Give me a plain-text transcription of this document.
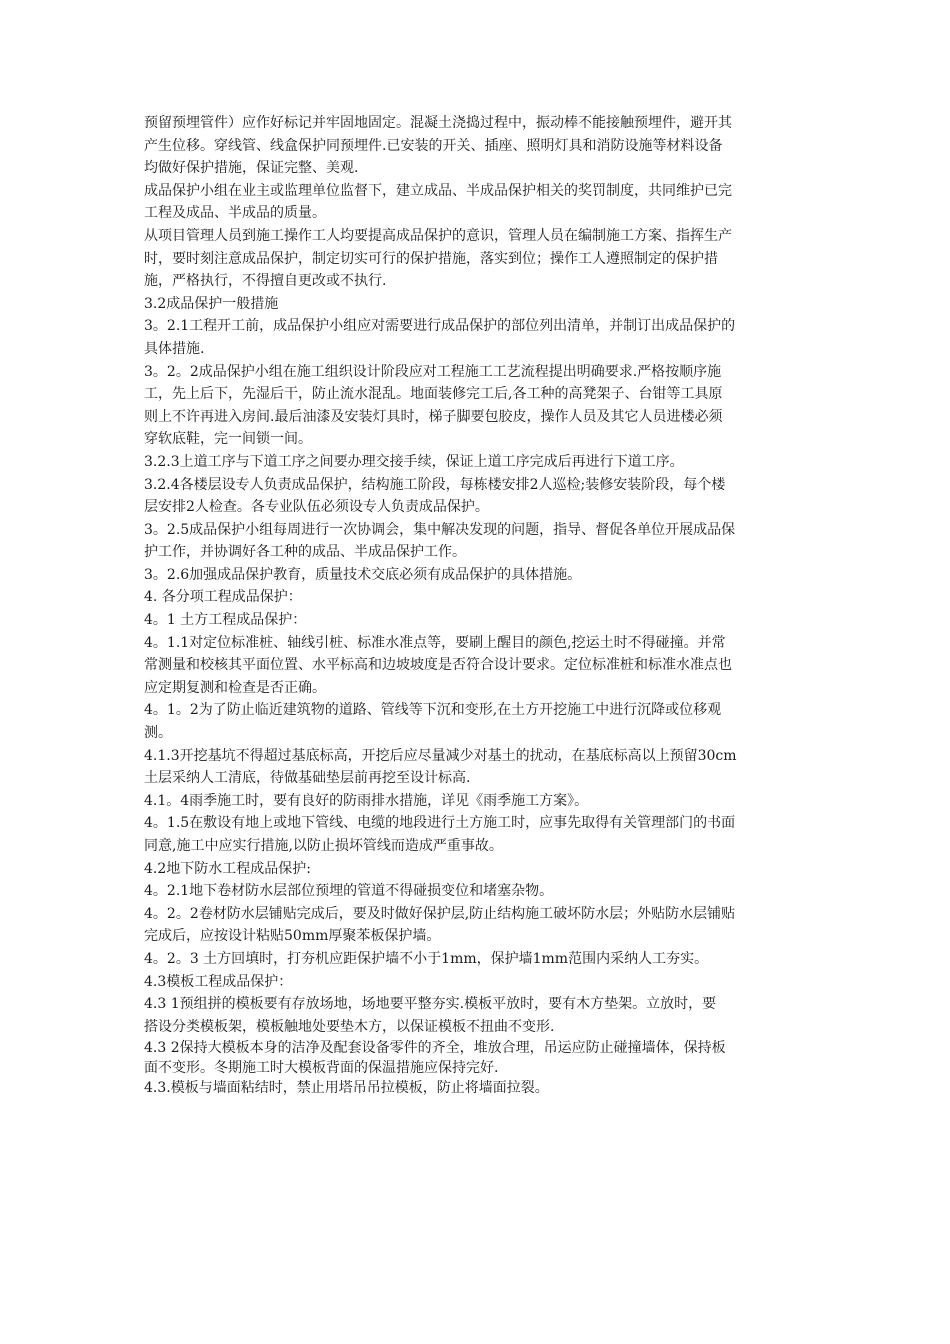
预留预埋管件）应作好标记并牢固地固定。混凝土浇捣过程中，振动棒不能接触预埋件，避开其
产生位移。穿线管、线盒保护同预埋件.已安装的开关、插座、照明灯具和消防设施等材料设备
均做好保护措施，保证完整、美观.
成品保护小组在业主或监理单位监督下，建立成品、半成品保护相关的奖罚制度，共同维护已完
工程及成品、半成品的质量。
从项目管理人员到施工操作工人均要提高成品保护的意识，管理人员在编制施工方案、指挥生产
时，要时刻注意成品保护，制定切实可行的保护措施，落实到位；操作工人遵照制定的保护措
施，严格执行，不得擅自更改或不执行.
3.2成品保护一般措施
3。2.1工程开工前，成品保护小组应对需要进行成品保护的部位列出清单，并制订出成品保护的
具体措施.
3。2。2成品保护小组在施工组织设计阶段应对工程施工工艺流程提出明确要求.严格按顺序施
工，先上后下，先湿后干，防止流水混乱。地面装修完工后,各工种的高凳架子、台钳等工具原
则上不许再进入房间.最后油漆及安装灯具时，梯子脚要包胶皮，操作人员及其它人员进楼必须
穿软底鞋，完一间锁一间。
3.2.3上道工序与下道工序之间要办理交接手续，保证上道工序完成后再进行下道工序。
3.2.4各楼层设专人负责成品保护，结构施工阶段，每栋楼安排2人巡检;装修安装阶段，每个楼
层安排2人检查。各专业队伍必须设专人负责成品保护。
3。2.5成品保护小组每周进行一次协调会，集中解决发现的问题，指导、督促各单位开展成品保
护工作，并协调好各工种的成品、半成品保护工作。
3。2.6加强成品保护教育，质量技术交底必须有成品保护的具体措施。
4. 各分项工程成品保护：
4。1 土方工程成品保护：
4。1.1对定位标准桩、轴线引桩、标准水准点等，要刷上醒目的颜色,挖运土时不得碰撞。并常
常测量和校核其平面位置、水平标高和边坡坡度是否符合设计要求。定位标准桩和标准水准点也
应定期复测和检查是否正确。
4。1。2为了防止临近建筑物的道路、管线等下沉和变形,在土方开挖施工中进行沉降或位移观
测。
4.1.3开挖基坑不得超过基底标高，开挖后应尽量减少对基土的扰动，在基底标高以上预留30cm
土层采纳人工清底，待做基础垫层前再挖至设计标高.
4.1。4雨季施工时，要有良好的防雨排水措施，详见《雨季施工方案》。
4。1.5在敷设有地上或地下管线、电缆的地段进行土方施工时，应事先取得有关管理部门的书面
同意,施工中应实行措施,以防止损坏管线而造成严重事故。
4.2地下防水工程成品保护:
4。2.1地下卷材防水层部位预埋的管道不得碰损变位和堵塞杂物。
4。2。2卷材防水层铺贴完成后，要及时做好保护层,防止结构施工破坏防水层；外贴防水层铺贴
完成后，应按设计粘贴50mm厚聚苯板保护墙。
4。2。3 土方回填时，打夯机应距保护墙不小于1mm，保护墙1mm范围内采纳人工夯实。
4.3模板工程成品保护：
4.3 1预组拼的模板要有存放场地，场地要平整夯实.模板平放时，要有木方垫架。立放时，要
搭设分类模板架，模板触地处要垫木方，以保证模板不扭曲不变形.
4.3 2保持大模板本身的洁净及配套设备零件的齐全，堆放合理，吊运应防止碰撞墙体，保持板
面不变形。冬期施工时大模板背面的保温措施应保持完好.
4.3.模板与墙面粘结时，禁止用塔吊吊拉模板，防止将墙面拉裂。
